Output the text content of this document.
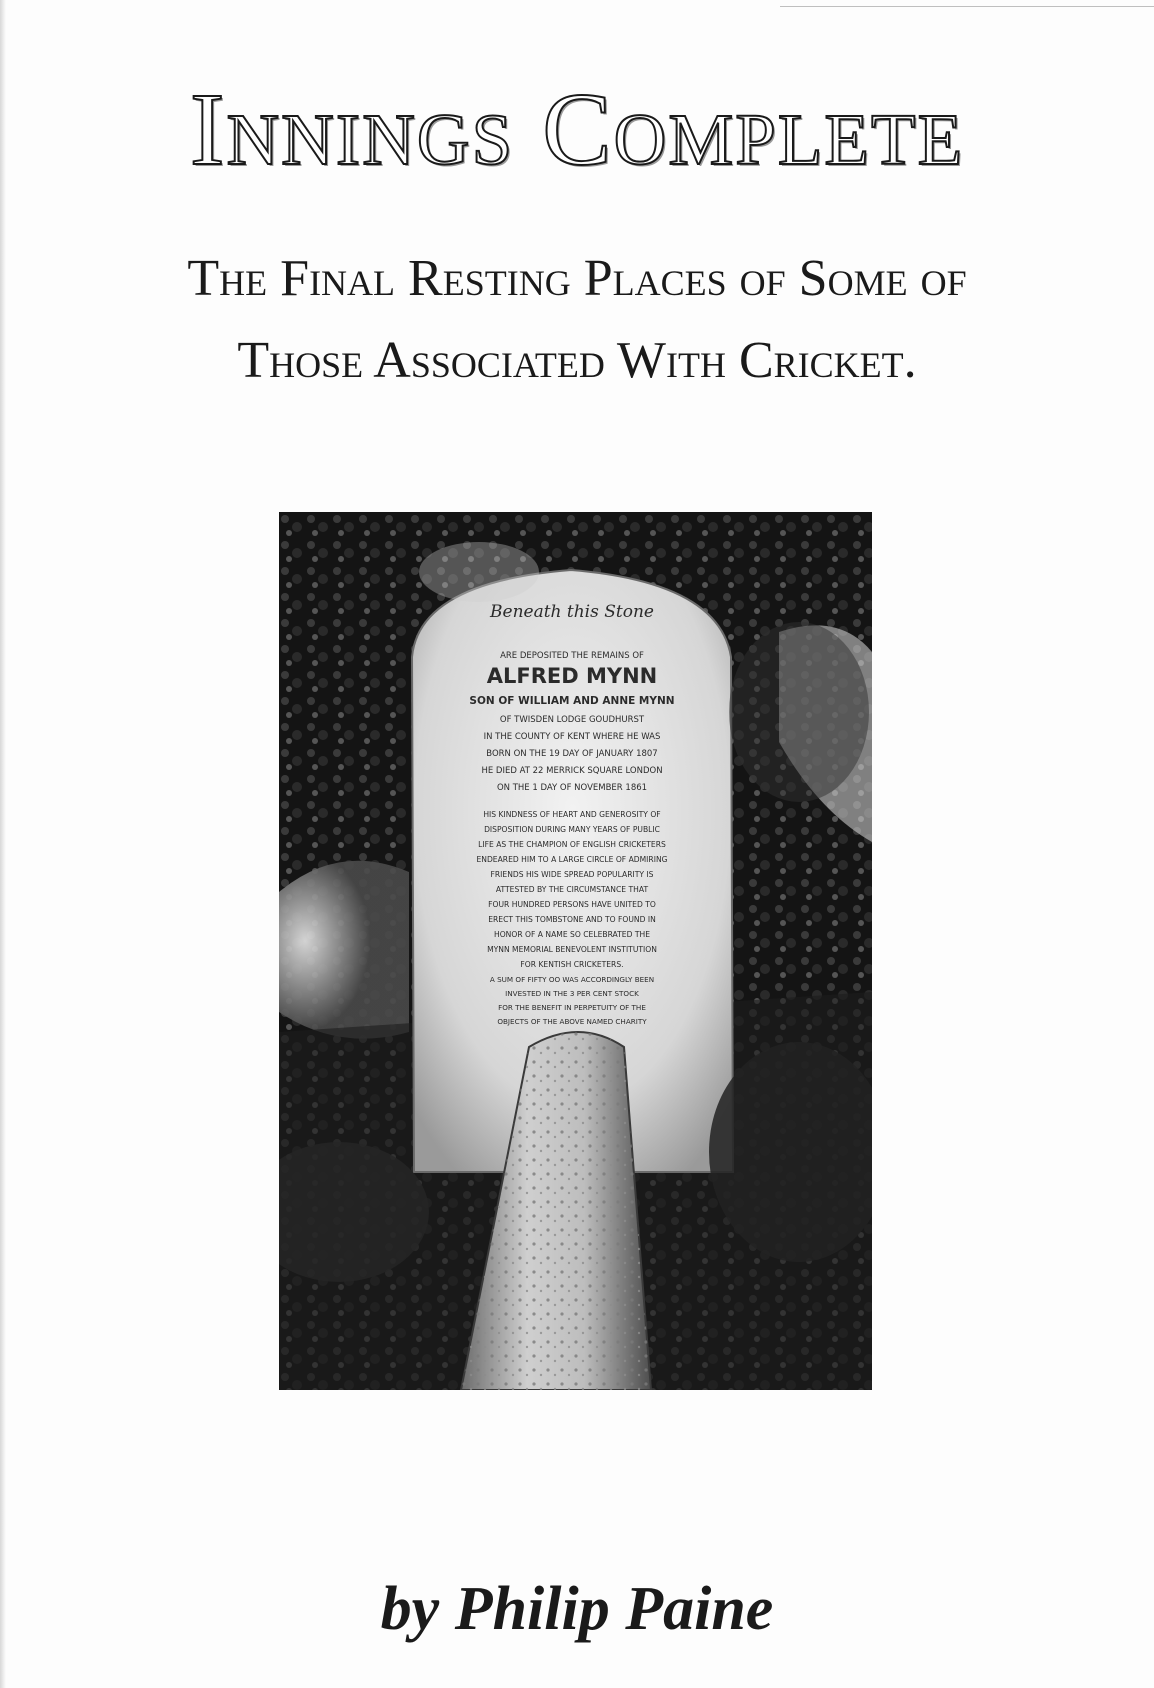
Innings Complete
The Final Resting Places of Some of
Those Associated With Cricket.
Beneath this Stone
ARE DEPOSITED THE REMAINS OF
ALFRED MYNN
SON OF WILLIAM AND ANNE MYNN
OF TWISDEN LODGE GOUDHURST
IN THE COUNTY OF KENT WHERE HE WAS
BORN ON THE 19 DAY OF JANUARY 1807
HE DIED AT 22 MERRICK SQUARE LONDON
ON THE 1 DAY OF NOVEMBER 1861
HIS KINDNESS OF HEART AND GENEROSITY OF
DISPOSITION DURING MANY YEARS OF PUBLIC
LIFE AS THE CHAMPION OF ENGLISH CRICKETERS
ENDEARED HIM TO A LARGE CIRCLE OF ADMIRING
FRIENDS HIS WIDE SPREAD POPULARITY IS
ATTESTED BY THE CIRCUMSTANCE THAT
FOUR HUNDRED PERSONS HAVE UNITED TO
ERECT THIS TOMBSTONE AND TO FOUND IN
HONOR OF A NAME SO CELEBRATED THE
MYNN MEMORIAL BENEVOLENT INSTITUTION
FOR KENTISH CRICKETERS.
A SUM OF FIFTY OO WAS ACCORDINGLY BEEN
INVESTED IN THE 3 PER CENT STOCK
FOR THE BENEFIT IN PERPETUITY OF THE
OBJECTS OF THE ABOVE NAMED CHARITY

by Philip Paine
